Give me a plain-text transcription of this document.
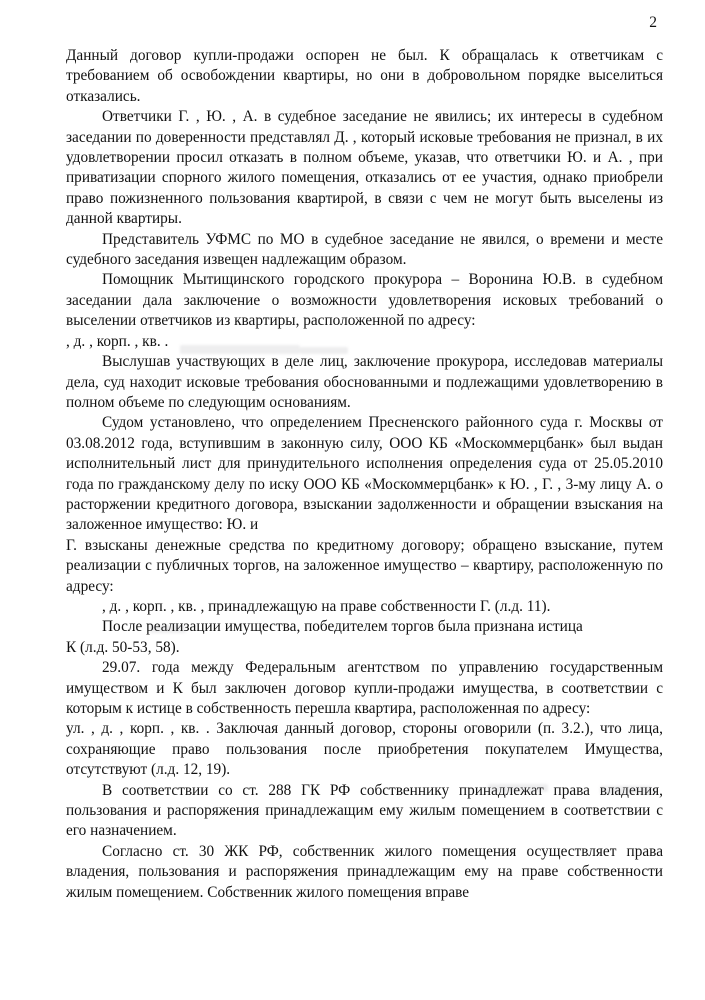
2

Данный договор купли-продажи оспорен не был. К обращалась к ответчикам с требованием об освобождении квартиры, но они в добровольном порядке выселиться отказались.

Ответчики Г. , Ю. , А. в судебное заседание не явились; их интересы в судебном заседании по доверенности представлял Д. , который исковые требования не признал, в их удовлетворении просил отказать в полном объеме, указав, что ответчики Ю. и А. , при приватизации спорного жилого помещения, отказались от ее участия, однако приобрели право пожизненного пользования квартирой, в связи с чем не могут быть выселены из данной квартиры.

Представитель УФМС по МО в судебное заседание не явился, о времени и месте судебного заседания извещен надлежащим образом.

Помощник Мытищинского городского прокурора – Воронина Ю.В. в судебном заседании дала заключение о возможности удовлетворения исковых требований о выселении ответчиков из квартиры, расположенной по адресу:

, д. , корп. , кв. .

Выслушав участвующих в деле лиц, заключение прокурора, исследовав материалы дела, суд находит исковые требования обоснованными и подлежащими удовлетворению в полном объеме по следующим основаниям.

Судом установлено, что определением Пресненского районного суда г. Москвы от 03.08.2012 года, вступившим в законную силу, ООО КБ «Москоммерцбанк» был выдан исполнительный лист для принудительного исполнения определения суда от 25.05.2010 года по гражданскому делу по иску ООО КБ «Москоммерцбанк» к Ю. , Г. , 3-му лицу А. о расторжении кредитного договора, взыскании задолженности и обращении взыскания на заложенное имущество: Ю. и

Г. взысканы денежные средства по кредитному договору; обращено взыскание, путем реализации с публичных торгов, на заложенное имущество – квартиру, расположенную по адресу:

, д. , корп. , кв. , принадлежащую на праве собственности Г. (л.д. 11).

После реализации имущества, победителем торгов была признана истица

К (л.д. 50-53, 58).

29.07. года между Федеральным агентством по управлению государственным имуществом и К был заключен договор купли-продажи имущества, в соответствии с которым к истице в собственность перешла квартира, расположенная по адресу:

ул. , д. , корп. , кв. . Заключая данный договор, стороны оговорили (п. 3.2.), что лица, сохраняющие право пользования после приобретения покупателем Имущества, отсутствуют (л.д. 12, 19).

В соответствии со ст. 288 ГК РФ собственнику принадлежат права владения, пользования и распоряжения принадлежащим ему жилым помещением в соответствии с его назначением.

Согласно ст. 30 ЖК РФ, собственник жилого помещения осуществляет права владения, пользования и распоряжения принадлежащим ему на праве собственности жилым помещением. Собственник жилого помещения вправе
